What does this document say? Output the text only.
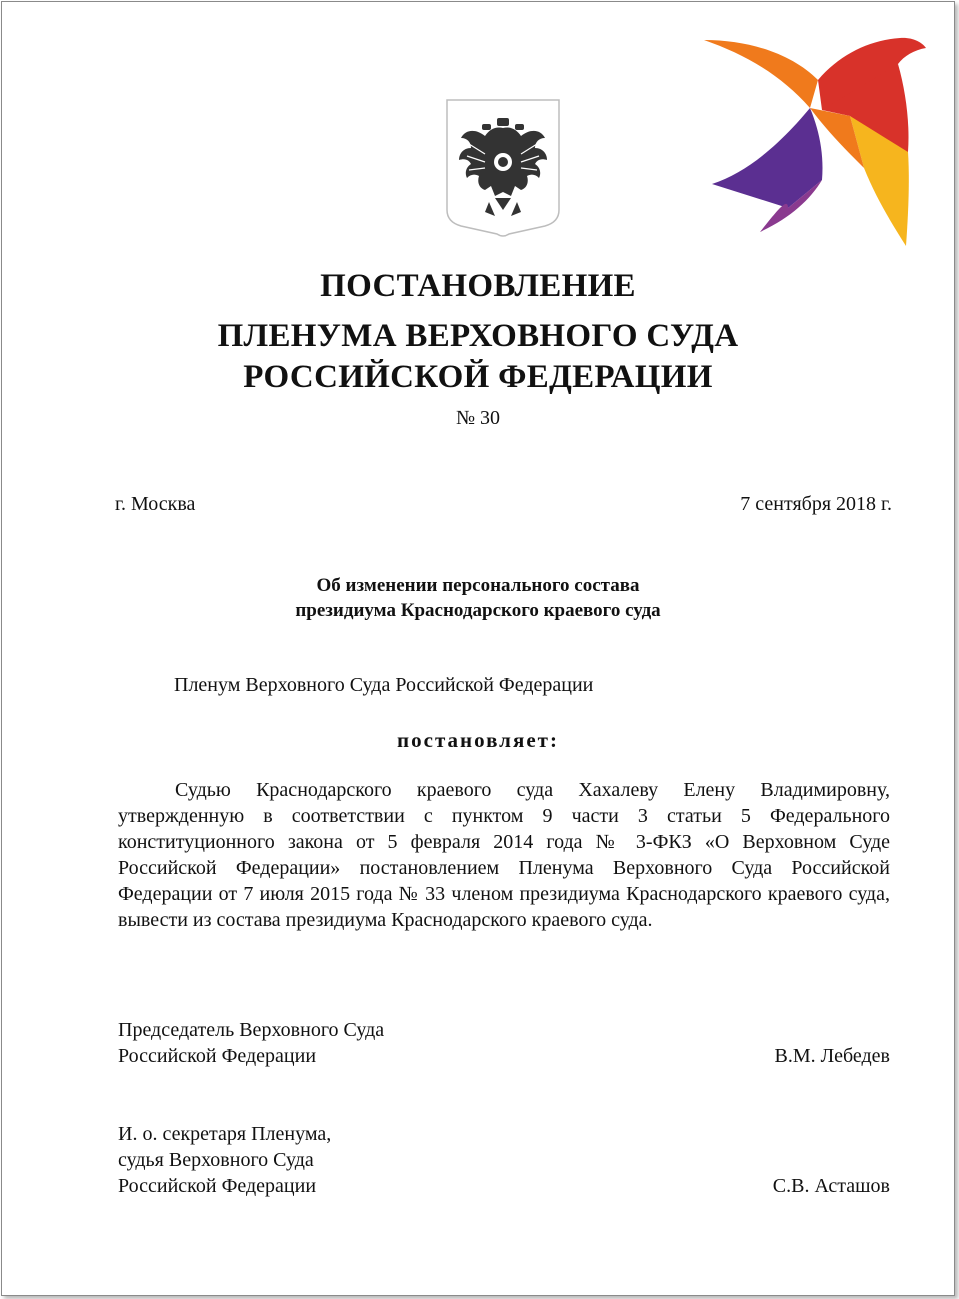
ПОСТАНОВЛЕНИЕ
ПЛЕНУМА ВЕРХОВНОГО СУДА
РОССИЙСКОЙ ФЕДЕРАЦИИ
№ 30
г. Москва	7 сентября 2018 г.
Об изменении персонального состава
президиума Краснодарского краевого суда
Пленум Верховного Суда Российской Федерации
постановляет:
Судью Краснодарского краевого суда Хахалеву Елену Владимировну, утвержденную в соответствии с пунктом 9 части 3 статьи 5 Федерального конституционного закона от 5 февраля 2014 года № 3-ФКЗ «О Верховном Суде Российской Федерации» постановлением Пленума Верховного Суда Российской Федерации от 7 июля 2015 года № 33 членом президиума Краснодарского краевого суда, вывести из состава президиума Краснодарского краевого суда.
Председатель Верховного Суда
Российской Федерации	В.М. Лебедев
И. о. секретаря Пленума,
судья Верховного Суда
Российской Федерации	С.В. Асташов
